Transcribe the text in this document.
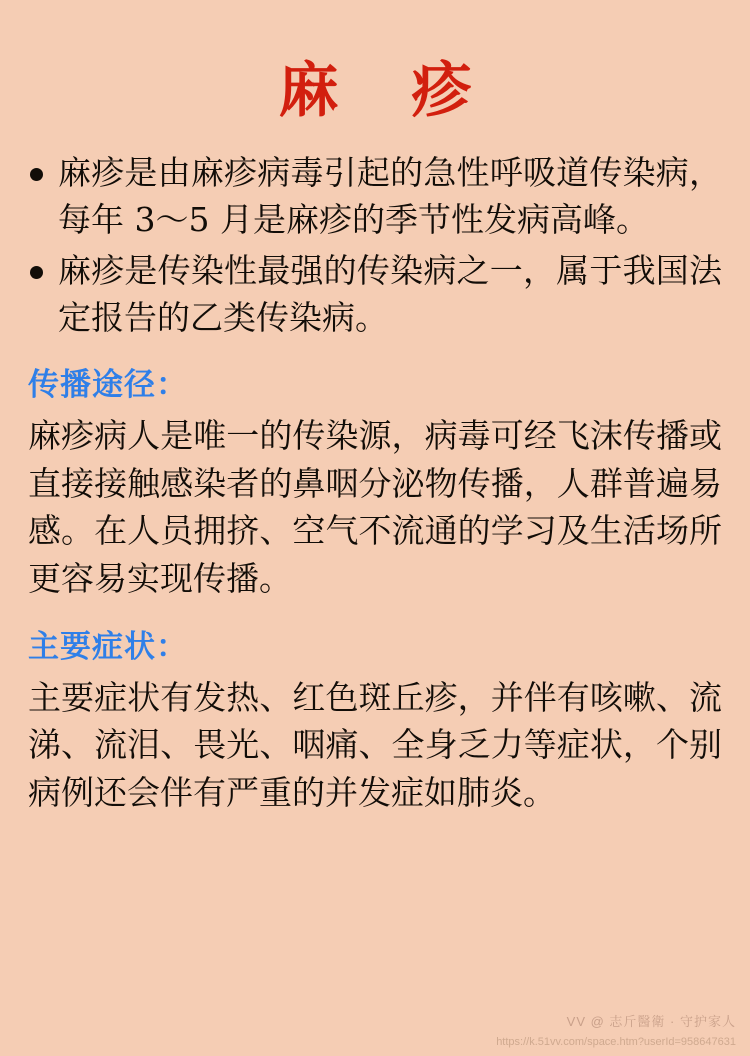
麻 疹
麻疹是由麻疹病毒引起的急性呼吸道传染病，每年 3～5 月是麻疹的季节性发病高峰。
麻疹是传染性最强的传染病之一，属于我国法定报告的乙类传染病。
传播途径：

麻疹病人是唯一的传染源，病毒可经飞沫传播或直接接触感染者的鼻咽分泌物传播，人群普遍易感。在人员拥挤、空气不流通的学习及生活场所更容易实现传播。

主要症状：

主要症状有发热、红色斑丘疹，并伴有咳嗽、流涕、流泪、畏光、咽痛、全身乏力等症状，个别病例还会伴有严重的并发症如肺炎。

VV @ 志斤醫衛 · 守护家人
https://k.51vv.com/space.htm?userId=958647631
